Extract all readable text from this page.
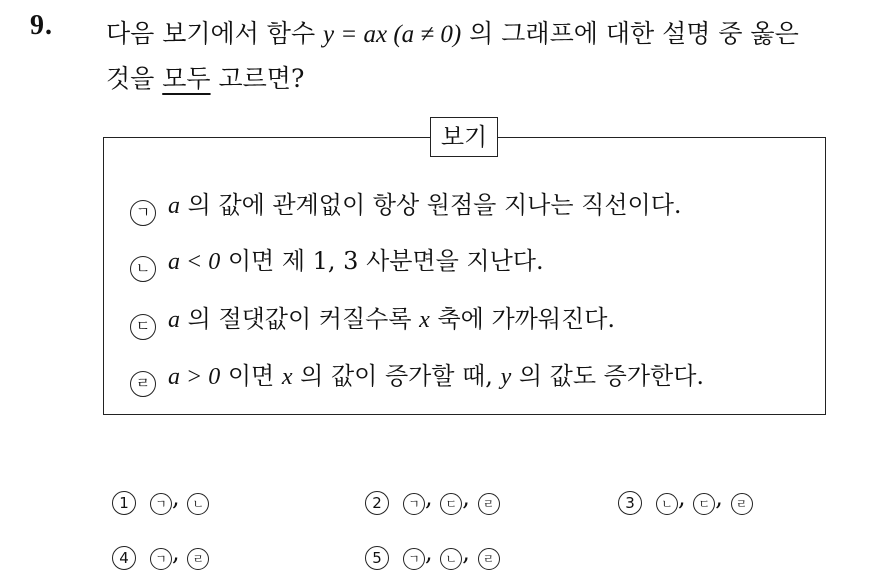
9. 다음 보기에서 함수 y = ax (a ≠ 0) 의 그래프에 대한 설명 중 옳은
것을 모두 고르면?
보기
ㄱ a 의 값에 관계없이 항상 원점을 지나는 직선이다.
ㄴ a < 0 이면 제 1, 3 사분면을 지난다.
ㄷ a 의 절댓값이 커질수록 x 축에 가까워진다.
ㄹ a > 0 이면 x 의 값이 증가할 때, y 의 값도 증가한다.
1 ㄱ , ㄴ	2 ㄱ , ㄷ , ㄹ	3 ㄴ , ㄷ , ㄹ
4 ㄱ , ㄹ	5 ㄱ , ㄴ , ㄹ
